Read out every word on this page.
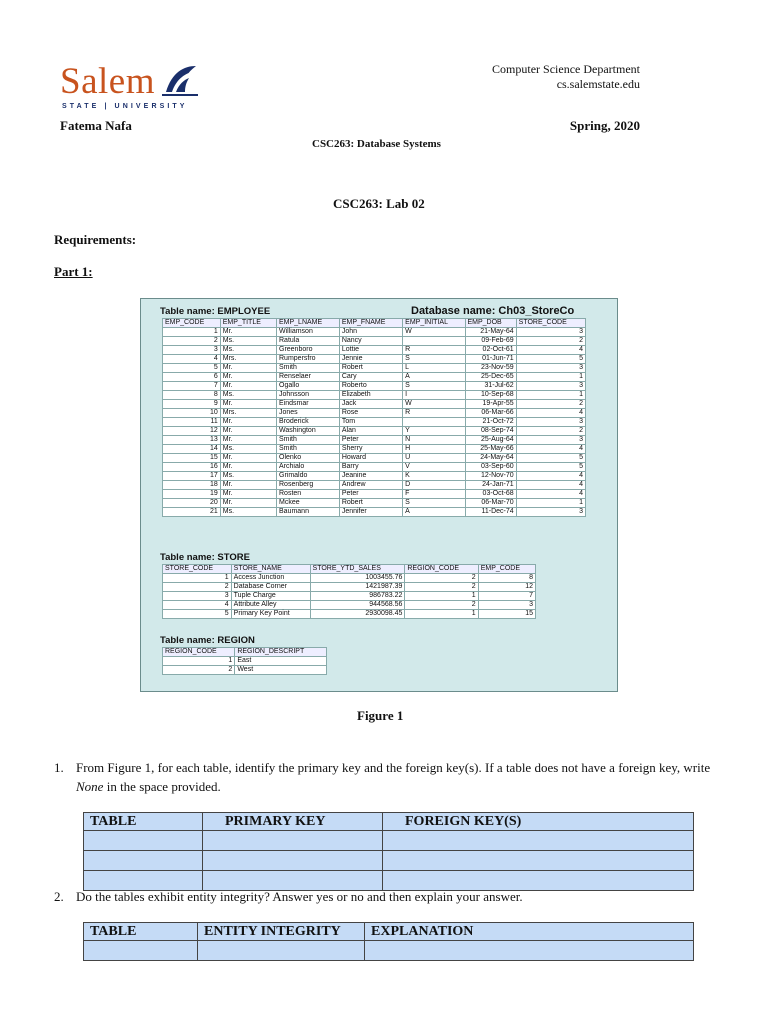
Salem
STATE | UNIVERSITY
Computer Science Department
cs.salemstate.edu
Fatema Nafa	Spring, 2020
CSC263: Database Systems
CSC263: Lab 02
Requirements:
Part 1:
Table name: EMPLOYEE	Database name: Ch03_StoreCo
EMP_CODE	EMP_TITLE	EMP_LNAME	EMP_FNAME	EMP_INITIAL	EMP_DOB	STORE_CODE
1	Mr.	Williamson	John	W	21-May-64	3
2	Ms.	Ratula	Nancy		09-Feb-69	2
3	Ms.	Greenboro	Lottie	R	02-Oct-61	4
4	Mrs.	Rumpersfro	Jennie	S	01-Jun-71	5
5	Mr.	Smith	Robert	L	23-Nov-59	3
6	Mr.	Renselaer	Cary	A	25-Dec-65	1
7	Mr.	Ogallo	Roberto	S	31-Jul-62	3
8	Ms.	Johnsson	Elizabeth	I	10-Sep-68	1
9	Mr.	Eindsmar	Jack	W	19-Apr-55	2
10	Mrs.	Jones	Rose	R	06-Mar-66	4
11	Mr.	Broderick	Tom		21-Oct-72	3
12	Mr.	Washington	Alan	Y	08-Sep-74	2
13	Mr.	Smith	Peter	N	25-Aug-64	3
14	Ms.	Smith	Sherry	H	25-May-66	4
15	Mr.	Olenko	Howard	U	24-May-64	5
16	Mr.	Archialo	Barry	V	03-Sep-60	5
17	Ms.	Grimaldo	Jeanine	K	12-Nov-70	4
18	Mr.	Rosenberg	Andrew	D	24-Jan-71	4
19	Mr.	Rosten	Peter	F	03-Oct-68	4
20	Mr.	Mckee	Robert	S	06-Mar-70	1
21	Ms.	Baumann	Jennifer	A	11-Dec-74	3
Table name: STORE
STORE_CODE	STORE_NAME	STORE_YTD_SALES	REGION_CODE	EMP_CODE
1	Access Junction	1003455.76	2	8
2	Database Corner	1421987.39	2	12
3	Tuple Charge	986783.22	1	7
4	Attribute Alley	944568.56	2	3
5	Primary Key Point	2930098.45	1	15
Table name: REGION
REGION_CODE	REGION_DESCRIPT
1	East
2	West
Figure 1
1. From Figure 1, for each table, identify the primary key and the foreign key(s). If a table does not have a foreign key, write None in the space provided.
TABLE	PRIMARY KEY	FOREIGN KEY(S)

2. Do the tables exhibit entity integrity? Answer yes or no and then explain your answer.
TABLE	ENTITY INTEGRITY	EXPLANATION
